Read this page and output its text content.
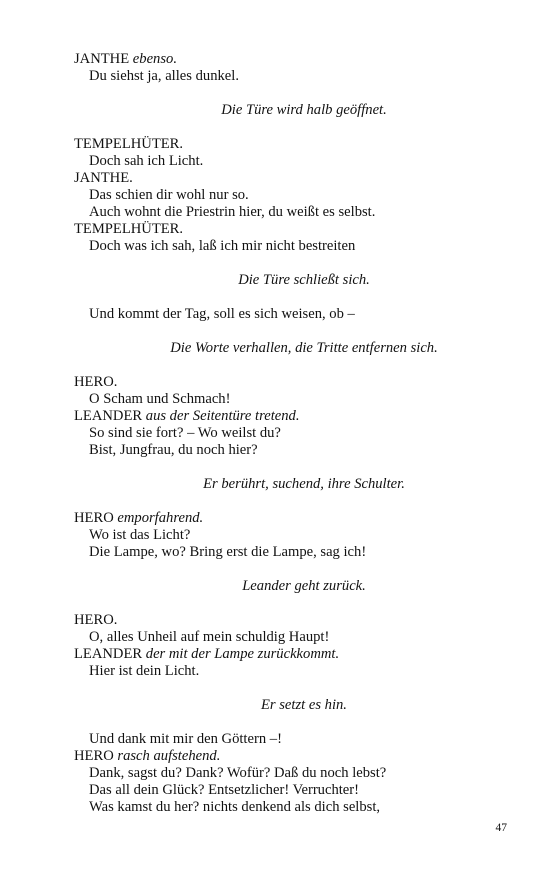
JANTHE ebenso.
Du siehst ja, alles dunkel.
Die Türe wird halb geöffnet.
TEMPELHÜTER.
Doch sah ich Licht.
JANTHE.
Das schien dir wohl nur so.
Auch wohnt die Priestrin hier, du weißt es selbst.
TEMPELHÜTER.
Doch was ich sah, laß ich mir nicht bestreiten
Die Türe schließt sich.
Und kommt der Tag, soll es sich weisen, ob –
Die Worte verhallen, die Tritte entfernen sich.
HERO.
O Scham und Schmach!
LEANDER aus der Seitentüre tretend.
So sind sie fort? – Wo weilst du?
Bist, Jungfrau, du noch hier?
Er berührt, suchend, ihre Schulter.
HERO emporfahrend.
Wo ist das Licht?
Die Lampe, wo? Bring erst die Lampe, sag ich!
Leander geht zurück.
HERO.
O, alles Unheil auf mein schuldig Haupt!
LEANDER der mit der Lampe zurückkommt.
Hier ist dein Licht.
Er setzt es hin.
Und dank mit mir den Göttern –!
HERO rasch aufstehend.
Dank, sagst du? Dank? Wofür? Daß du noch lebst?
Das all dein Glück? Entsetzlicher! Verruchter!
Was kamst du her? nichts denkend als dich selbst,
47
